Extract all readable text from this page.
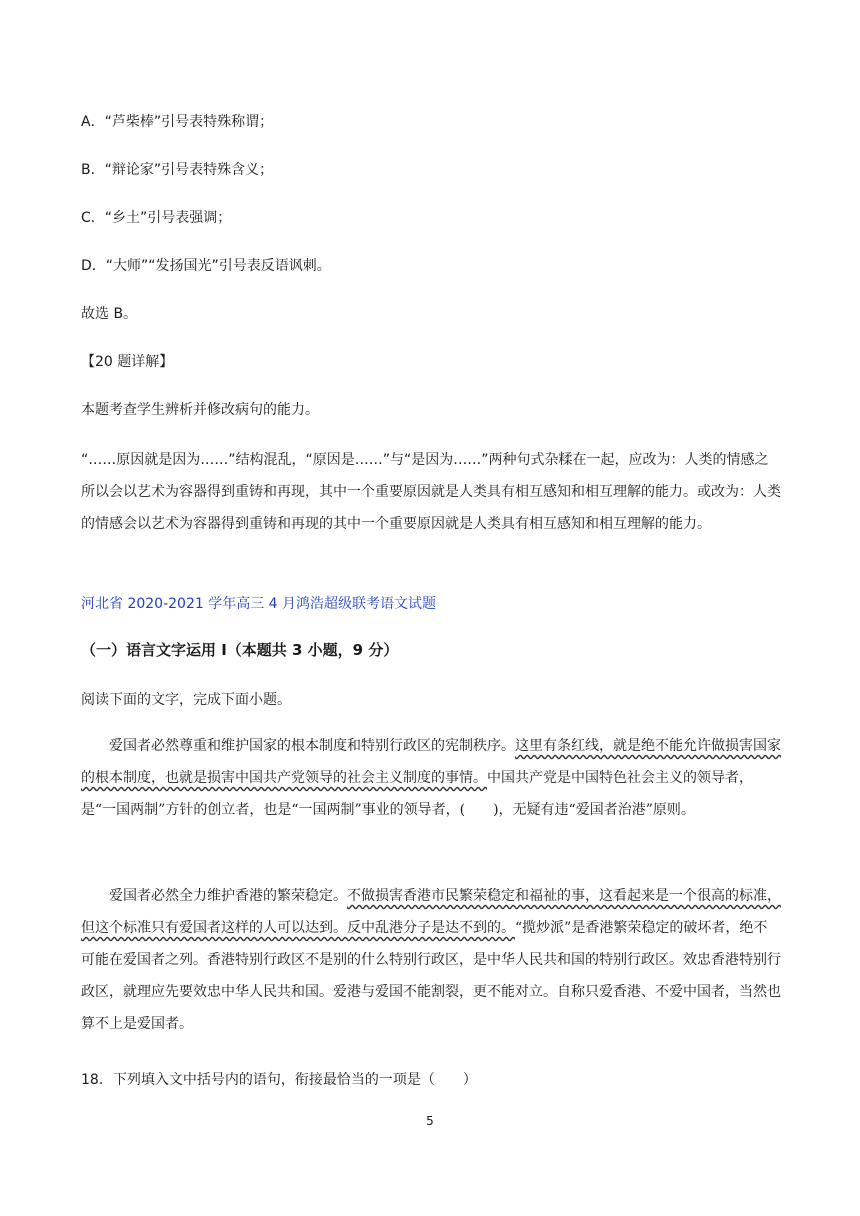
A．“芦柴棒”引号表特殊称谓；
B．“辩论家”引号表特殊含义；
C．“乡土”引号表强调；
D．“大师”“发扬国光”引号表反语讽刺。
故选 B。
【20 题详解】
本题考查学生辨析并修改病句的能力。
“……原因就是因为……”结构混乱，“原因是……”与“是因为……”两种句式杂糅在一起，应改为：人类的情感之所以会以艺术为容器得到重铸和再现，其中一个重要原因就是人类具有相互感知和相互理解的能力。或改为：人类的情感会以艺术为容器得到重铸和再现的其中一个重要原因就是人类具有相互感知和相互理解的能力。
河北省 2020-2021 学年高三 4 月鸿浩超级联考语文试题
（一）语言文字运用 I（本题共 3 小题，9 分）
阅读下面的文字，完成下面小题。
爱国者必然尊重和维护国家的根本制度和特别行政区的宪制秩序。这里有条红线，就是绝不能允许做损害国家的根本制度，也就是损害中国共产党领导的社会主义制度的事情。中国共产党是中国特色社会主义的领导者，是“一国两制”方针的创立者，也是“一国两制”事业的领导者，(　　)，无疑有违“爱国者治港”原则。
爱国者必然全力维护香港的繁荣稳定。不做损害香港市民繁荣稳定和福祉的事，这看起来是一个很高的标准，但这个标准只有爱国者这样的人可以达到。反中乱港分子是达不到的。“揽炒派”是香港繁荣稳定的破坏者，绝不可能在爱国者之列。香港特别行政区不是别的什么特别行政区，是中华人民共和国的特别行政区。效忠香港特别行政区，就理应先要效忠中华人民共和国。爱港与爱国不能割裂，更不能对立。自称只爱香港、不爱中国者，当然也算不上是爱国者。
18．下列填入文中括号内的语句，衔接最恰当的一项是（　　）
5
